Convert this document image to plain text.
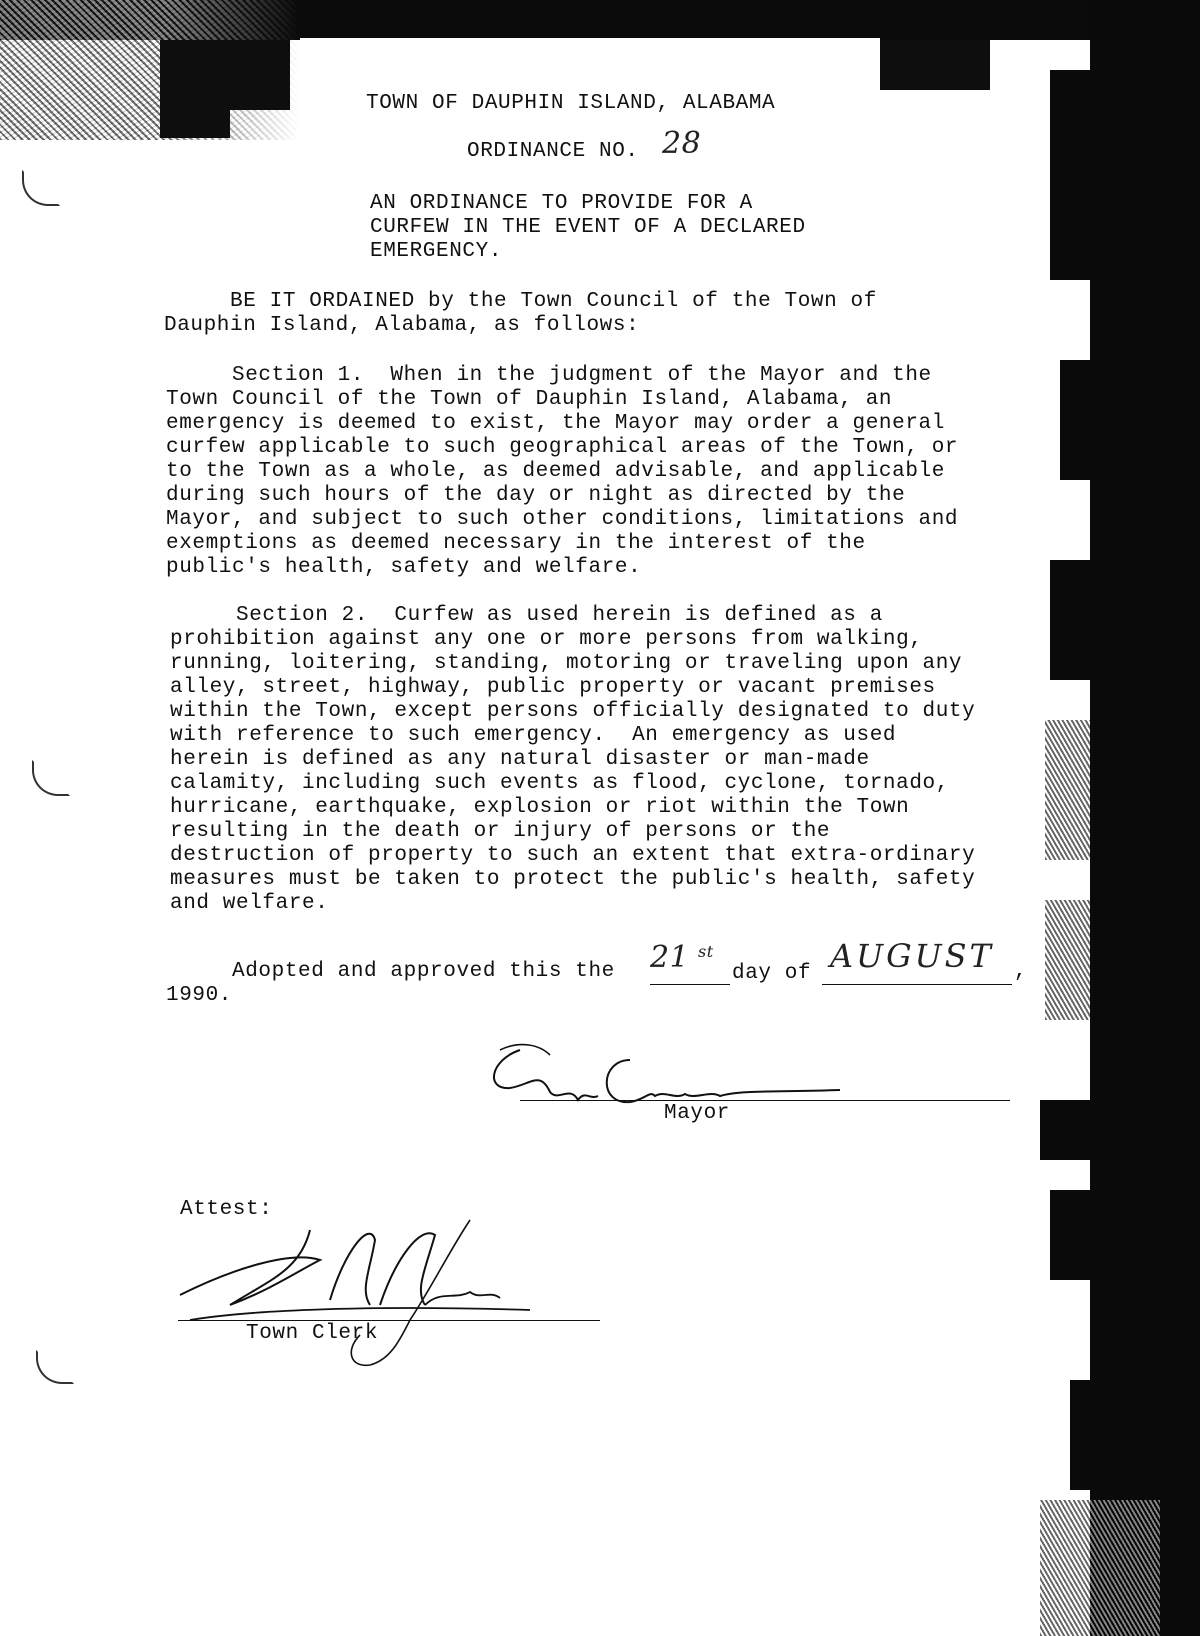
TOWN OF DAUPHIN ISLAND, ALABAMA
ORDINANCE NO. 28
AN ORDINANCE TO PROVIDE FOR A
CURFEW IN THE EVENT OF A DECLARED
EMERGENCY.
BE IT ORDAINED by the Town Council of the Town of
Dauphin Island, Alabama, as follows:
Section 1.  When in the judgment of the Mayor and the
Town Council of the Town of Dauphin Island, Alabama, an
emergency is deemed to exist, the Mayor may order a general
curfew applicable to such geographical areas of the Town, or
to the Town as a whole, as deemed advisable, and applicable
during such hours of the day or night as directed by the
Mayor, and subject to such other conditions, limitations and
exemptions as deemed necessary in the interest of the
public's health, safety and welfare.
Section 2.  Curfew as used herein is defined as a
prohibition against any one or more persons from walking,
running, loitering, standing, motoring or traveling upon any
alley, street, highway, public property or vacant premises
within the Town, except persons officially designated to duty
with reference to such emergency.  An emergency as used
herein is defined as any natural disaster or man-made
calamity, including such events as flood, cyclone, tornado,
hurricane, earthquake, explosion or riot within the Town
resulting in the death or injury of persons or the
destruction of property to such an extent that extra-ordinary
measures must be taken to protect the public's health, safety
and welfare.
Adopted and approved this the 21 st
day of AUGUST ,
1990.
Mayor
Attest:
Town Clerk
